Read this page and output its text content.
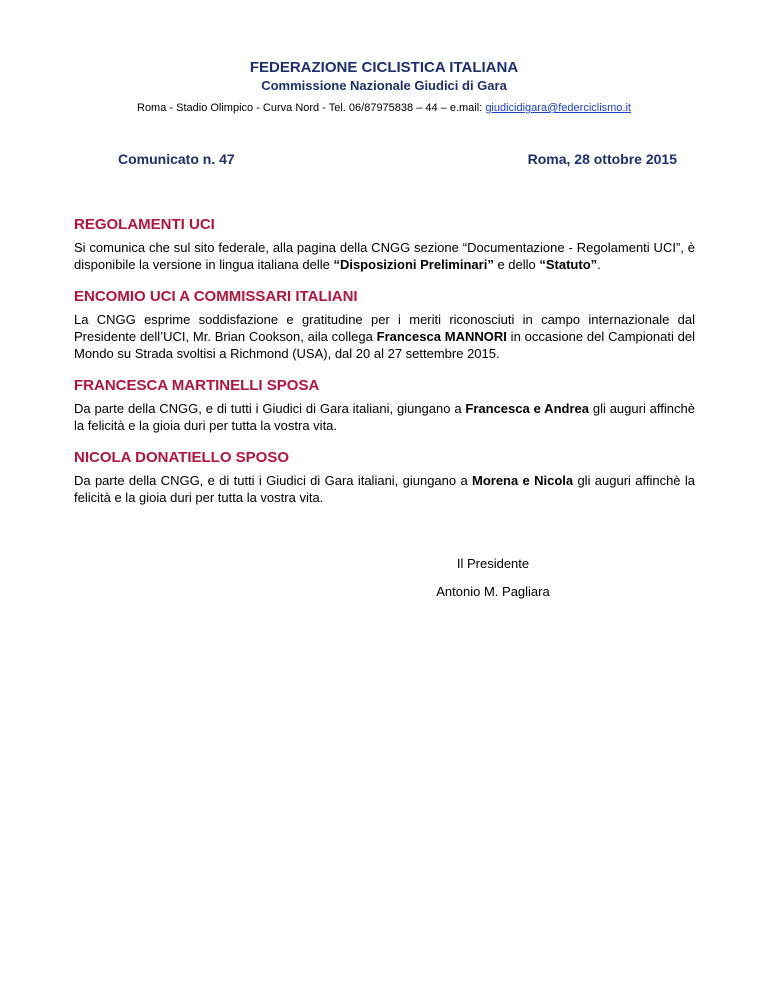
FEDERAZIONE CICLISTICA ITALIANA
Commissione Nazionale Giudici di Gara
Roma - Stadio Olimpico - Curva Nord - Tel. 06/87975838 – 44 – e.mail: giudicidigara@federciclismo.it
Comunicato n. 47	Roma, 28 ottobre 2015
REGOLAMENTI UCI

Si comunica che sul sito federale, alla pagina della CNGG sezione “Documentazione - Regolamenti UCI”, è disponibile la versione in lingua italiana delle “Disposizioni Preliminari” e dello “Statuto”.

ENCOMIO UCI A COMMISSARI ITALIANI

La CNGG esprime soddisfazione e gratitudine per i meriti riconosciuti in campo internazionale dal Presidente dell’UCI, Mr. Brian Cookson, aila collega Francesca MANNORI in occasione del Campionati del Mondo su Strada svoltisi a Richmond (USA), dal 20 al 27 settembre 2015.

FRANCESCA MARTINELLI SPOSA

Da parte della CNGG, e di tutti i Giudici di Gara italiani, giungano a Francesca e Andrea gli auguri affinchè la felicità e la gioia duri per tutta la vostra vita.

NICOLA DONATIELLO SPOSO

Da parte della CNGG, e di tutti i Giudici di Gara italiani, giungano a Morena e Nicola gli auguri affinchè la felicità e la gioia duri per tutta la vostra vita.

Il Presidente
Antonio M. Pagliara
